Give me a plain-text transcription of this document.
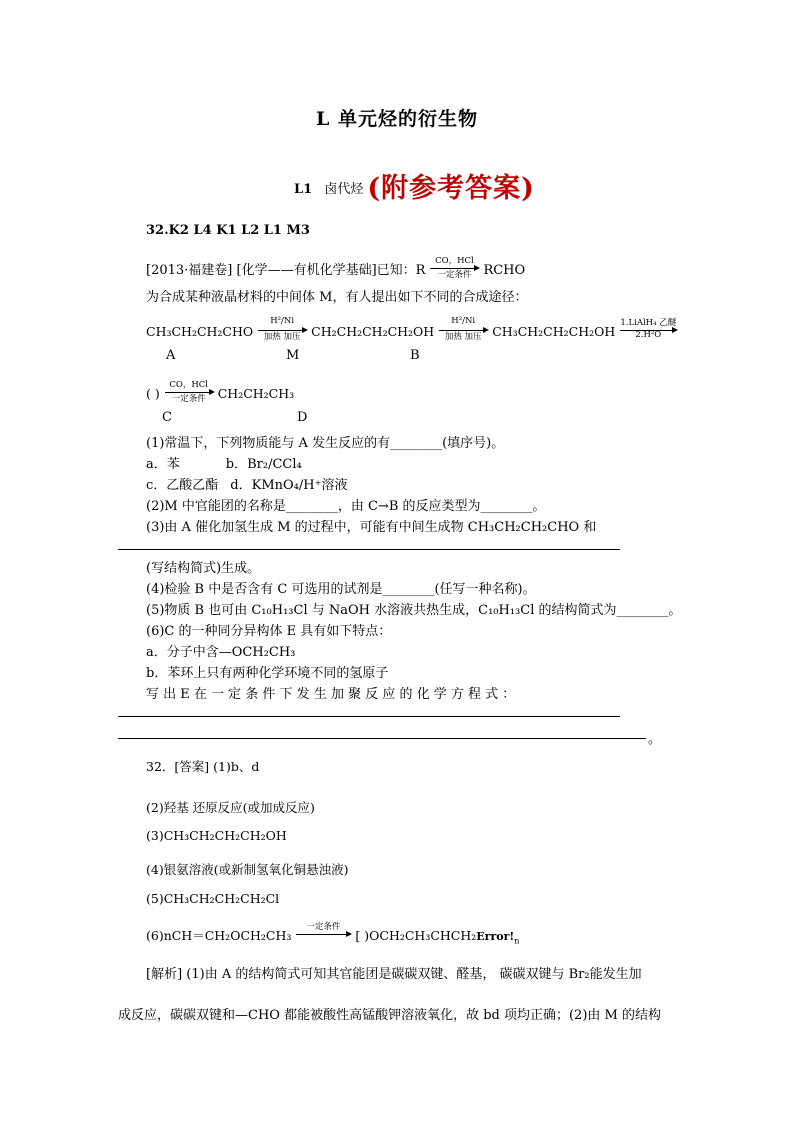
L 单元烃的衍生物
L1 卤代烃 (附参考答案)
32.K2 L4 K1 L2 L1 M3
[2013·福建卷] [化学——有机化学基础]已知：R
CO，HCl
一定条件 RCHO
为合成某种液晶材料的中间体 M，有人提出如下不同的合成途径：
CH₃CH₂CH₂CHO
H²/Ni
加热 加压 CH₂CH₂CH₂CH₂OH
H²/Ni
加热 加压 CH₃CH₂CH₂CH₂OH
1.LiAlH₄ 乙醚
2.H²O
A	M	B
( )
CO，HCl
一定条件 CH₂CH₂CH₃
C	D
(1)常温下，下列物质能与 A 发生反应的有________(填序号)。
a．苯	b．Br₂/CCl₄
c．乙酸乙酯 d．KMnO₄/H⁺溶液
(2)M 中官能团的名称是________，由 C→B 的反应类型为________。
(3)由 A 催化加氢生成 M 的过程中，可能有中间生成物 CH₃CH₂CH₂CHO 和
(写结构简式)生成。
(4)检验 B 中是否含有 C 可选用的试剂是________(任写一种名称)。
(5)物质 B 也可由 C₁₀H₁₃Cl 与 NaOH 水溶液共热生成，C₁₀H₁₃Cl 的结构简式为________。
(6)C 的一种同分异构体 E 具有如下特点：
a．分子中含—OCH₂CH₃
b．苯环上只有两种化学环境不同的氢原子
写 出 E 在 一 定 条 件 下 发 生 加 聚 反 应 的 化 学 方 程 式 ：
。
32．[答案] (1)b、d
(2)羟基 还原反应(或加成反应)
(3)CH₃CH₂CH₂CH₂OH
(4)银氨溶液(或新制氢氧化铜悬浊液)
(5)CH₃CH₂CH₂CH₂Cl
(6)nCH＝CH₂OCH₂CH₃
一定条件
[ )$OCH_2CH_3CHCH_2Error!_n$
[解析] (1)由 A 的结构简式可知其官能团是碳碳双键、醛基， 碳碳双键与 Br₂能发生加
成反应，碳碳双键和—CHO 都能被酸性高锰酸钾溶液氧化，故 bd 项均正确；(2)由 M 的结构
